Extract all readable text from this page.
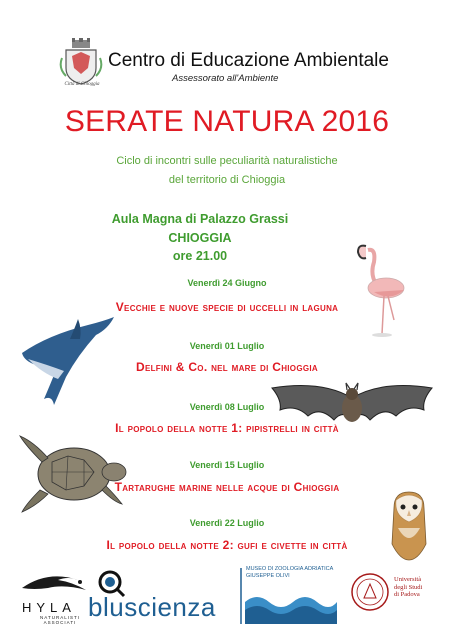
Città di Chioggia
Centro di Educazione Ambientale
Assessorato all'Ambiente
SERATE NATURA 2016
Ciclo di incontri sulle peculiarità naturalistiche
del territorio di Chioggia
Aula Magna di Palazzo Grassi
CHIOGGIA
ore 21.00
Venerdì 24 Giugno
Vecchie e nuove specie di uccelli in laguna
Venerdì 01 Luglio
Delfini & Co. nel mare di Chioggia
Venerdì 08 Luglio
Il popolo della notte 1: pipistrelli in città
Venerdì 15 Luglio
Tartarughe marine nelle acque di Chioggia
Venerdì 22 Luglio
Il popolo della notte 2: gufi e civette in città
HYLA
NATURALISTI ASSOCIATI
bluscienza
MUSEO DI ZOOLOGIA ADRIATICA
GIUSEPPE OLIVI
Università
degli Studi
di Padova
